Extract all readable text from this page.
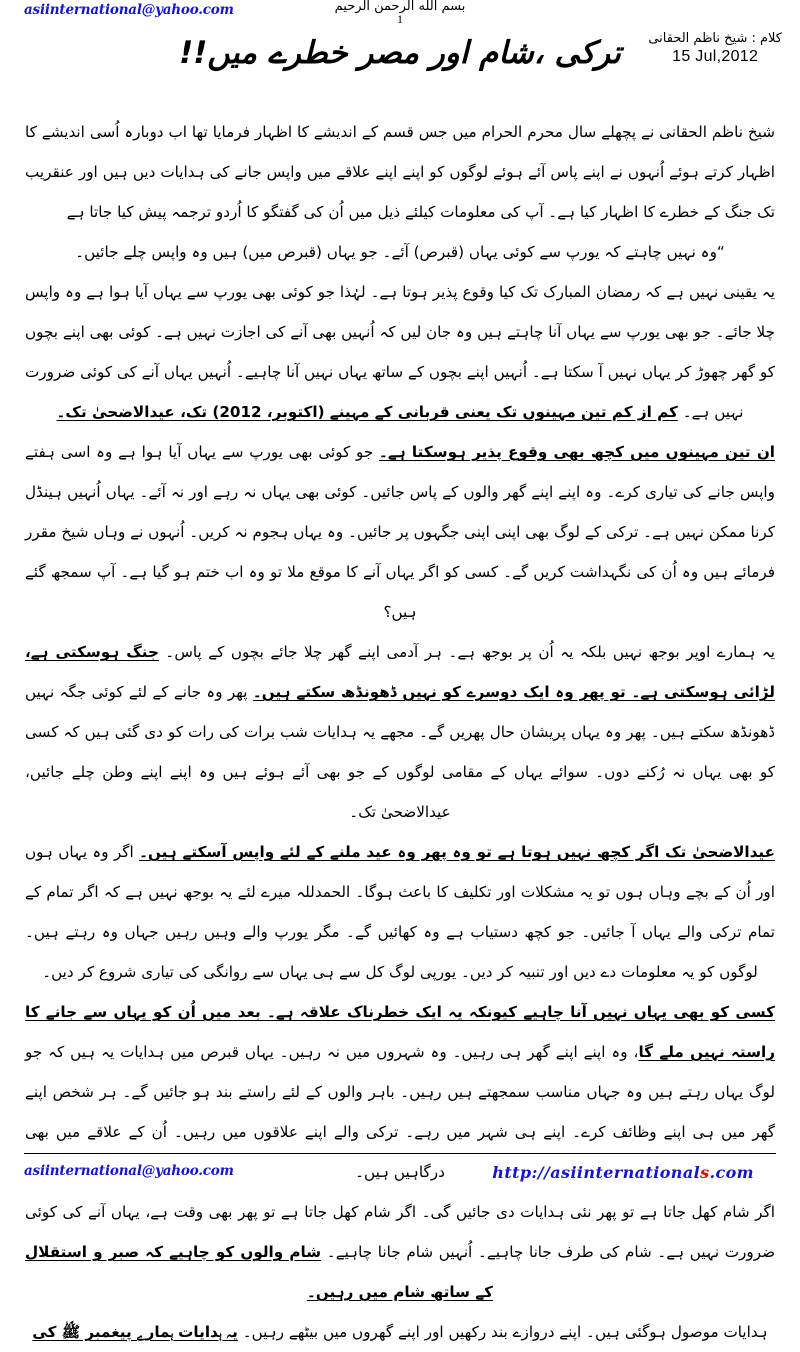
asiinternational@yahoo.com	بسم الله الرحمن الرحيم
1
ترکی ،شام اور مصر خطرے میں!!	کلام : شیخ ناظم الحقانی
15 Jul,2012

شیخ ناظم الحقانی نے پچھلے سال محرم الحرام میں جس قسم کے اندیشے کا اظہار فرمایا تھا اب دوبارہ اُسی اندیشے کا اظہار کرتے ہوئے اُنہوں نے اپنے پاس آئے ہوئے لوگوں کو اپنے اپنے علاقے میں واپس جانے کی ہدایات دیں ہیں اور عنقریب تک جنگ کے خطرے کا اظہار کیا ہے۔ آپ کی معلومات کیلئے ذیل میں اُن کی گفتگو کا اُردو ترجمہ پیش کیا جاتا ہے

“وہ نہیں چاہتے کہ یورپ سے کوئی یہاں (قبرص) آئے۔ جو یہاں (قبرص میں) ہیں وہ واپس چلے جائیں۔

یہ یقینی نہیں ہے کہ رمضان المبارک تک کیا وقوع پذیر ہوتا ہے۔ لہٰذا جو کوئی بھی یورپ سے یہاں آیا ہوا ہے وہ واپس چلا جائے۔ جو بھی یورپ سے یہاں آنا چاہتے ہیں وہ جان لیں کہ اُنہیں بھی آنے کی اجازت نہیں ہے۔ کوئی بھی اپنے بچوں کو گھر چھوڑ کر یہاں نہیں آ سکتا ہے۔ اُنہیں اپنے بچوں کے ساتھ یہاں نہیں آنا چاہیے۔ اُنہیں یہاں آنے کی کوئی ضرورت نہیں ہے۔ کم از کم تین مہینوں تک یعنی قربانی کے مہینے (اکتوبر، 2012) تک، عیدالاضحیٰ تک۔

ان تین مہینوں میں کچھ بھی وقوع پذیر ہوسکتا ہے۔ جو کوئی بھی یورپ سے یہاں آیا ہوا ہے وہ اسی ہفتے واپس جانے کی تیاری کرے۔ وہ اپنے اپنے گھر والوں کے پاس جائیں۔ کوئی بھی یہاں نہ رہے اور نہ آئے۔ یہاں اُنہیں ہینڈل کرنا ممکن نہیں ہے۔ ترکی کے لوگ بھی اپنی اپنی جگہوں پر جائیں۔ وہ یہاں ہجوم نہ کریں۔ اُنہوں نے وہاں شیخ مقرر فرمائے ہیں وہ اُن کی نگہداشت کریں گے۔ کسی کو اگر یہاں آنے کا موقع ملا تو وہ اب ختم ہو گیا ہے۔ آپ سمجھ گئے ہیں؟

یہ ہمارے اوپر بوجھ نہیں بلکہ یہ اُن پر بوجھ ہے۔ ہر آدمی اپنے گھر چلا جائے بچوں کے پاس۔ جنگ ہوسکتی ہے، لڑائی ہوسکتی ہے۔ تو پھر وہ ایک دوسرے کو نہیں ڈھونڈھ سکتے ہیں۔ پھر وہ جانے کے لئے کوئی جگہ نہیں ڈھونڈھ سکتے ہیں۔ پھر وہ یہاں پریشان حال پھریں گے۔ مجھے یہ ہدایات شب برات کی رات کو دی گئی ہیں کہ کسی کو بھی یہاں نہ رُکنے دوں۔ سوائے یہاں کے مقامی لوگوں کے جو بھی آئے ہوئے ہیں وہ اپنے اپنے وطن چلے جائیں، عیدالاضحیٰ تک۔

عیدالاضحیٰ تک اگر کچھ نہیں ہوتا ہے تو وہ پھر وہ عید ملنے کے لئے واپس آسکتے ہیں۔ اگر وہ یہاں ہوں اور اُن کے بچے وہاں ہوں تو یہ مشکلات اور تکلیف کا باعث ہوگا۔ الحمدللہ میرے لئے یہ بوجھ نہیں ہے کہ اگر تمام کے تمام ترکی والے یہاں آ جائیں۔ جو کچھ دستیاب ہے وہ کھائیں گے۔ مگر یورپ والے وہیں رہیں جہاں وہ رہتے ہیں۔ لوگوں کو یہ معلومات دے دیں اور تنبیہ کر دیں۔ یورپی لوگ کل سے ہی یہاں سے روانگی کی تیاری شروع کر دیں۔

کسی کو بھی یہاں نہیں آنا چاہیے کیونکہ یہ ایک خطرناک علاقہ ہے۔ بعد میں اُن کو یہاں سے جانے کا راستہ نہیں ملے گا، وہ اپنے اپنے گھر ہی رہیں۔ وہ شہروں میں نہ رہیں۔ یہاں قبرص میں ہدایات یہ ہیں کہ جو لوگ یہاں رہتے ہیں وہ جہاں مناسب سمجھتے ہیں رہیں۔ باہر والوں کے لئے راستے بند ہو جائیں گے۔ ہر شخص اپنے گھر میں ہی اپنے وظائف کرے۔ اپنے ہی شہر میں رہے۔ ترکی والے اپنے علاقوں میں رہیں۔ اُن کے علاقے میں بھی درگاہیں ہیں۔

اگر شام کھل جاتا ہے تو پھر نئی ہدایات دی جائیں گی۔ اگر شام کھل جاتا ہے تو پھر بھی وقت ہے، یہاں آنے کی کوئی ضرورت نہیں ہے۔ شام کی طرف جانا چاہیے۔ اُنہیں شام جانا چاہیے۔ شام والوں کو چاہیے کہ صبر و استقلال کے ساتھ شام میں رہیں۔

ہدایات موصول ہوگئی ہیں۔ اپنے دروازے بند رکھیں اور اپنے گھروں میں بیٹھے رہیں۔ یہ ہدایات ہمارے پیغمبر ﷺ کی

asiinternational@yahoo.com	http://asiinternationals.com
